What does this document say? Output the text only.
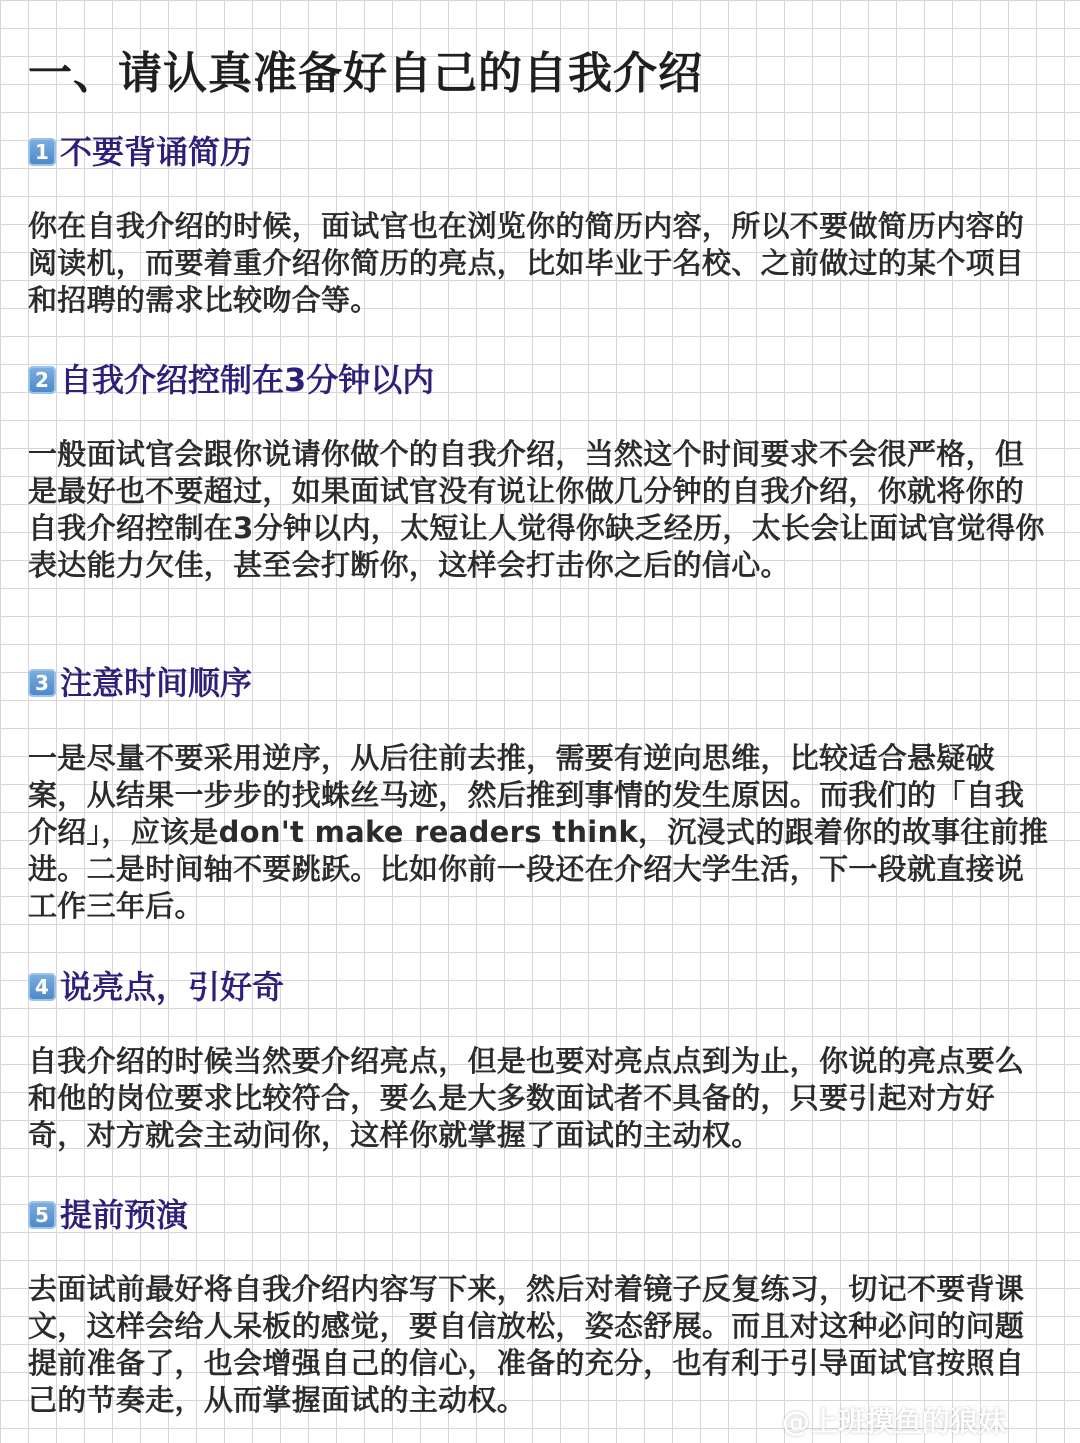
一、请认真准备好自己的自我介绍
1 不要背诵简历

你在自我介绍的时候，面试官也在浏览你的简历内容，所以不要做简历内容的阅读机，而要着重介绍你简历的亮点，比如毕业于名校、之前做过的某个项目和招聘的需求比较吻合等。

2 自我介绍控制在3分钟以内

一般面试官会跟你说请你做个的自我介绍，当然这个时间要求不会很严格，但是最好也不要超过，如果面试官没有说让你做几分钟的自我介绍，你就将你的自我介绍控制在3分钟以内，太短让人觉得你缺乏经历，太长会让面试官觉得你表达能力欠佳，甚至会打断你，这样会打击你之后的信心。

3 注意时间顺序

一是尽量不要采用逆序，从后往前去推，需要有逆向思维，比较适合悬疑破案，从结果一步步的找蛛丝马迹，然后推到事情的发生原因。而我们的「自我介绍」，应该是don't make readers think，沉浸式的跟着你的故事往前推进。二是时间轴不要跳跃。比如你前一段还在介绍大学生活，下一段就直接说工作三年后。

4 说亮点，引好奇

自我介绍的时候当然要介绍亮点，但是也要对亮点点到为止，你说的亮点要么和他的岗位要求比较符合，要么是大多数面试者不具备的，只要引起对方好奇，对方就会主动问你，这样你就掌握了面试的主动权。

5 提前预演

去面试前最好将自我介绍内容写下来，然后对着镜子反复练习，切记不要背课文，这样会给人呆板的感觉，要自信放松，姿态舒展。而且对这种必问的问题提前准备了，也会增强自己的信心，准备的充分，也有利于引导面试官按照自己的节奏走，从而掌握面试的主动权。

@上班摸鱼的狼妹
